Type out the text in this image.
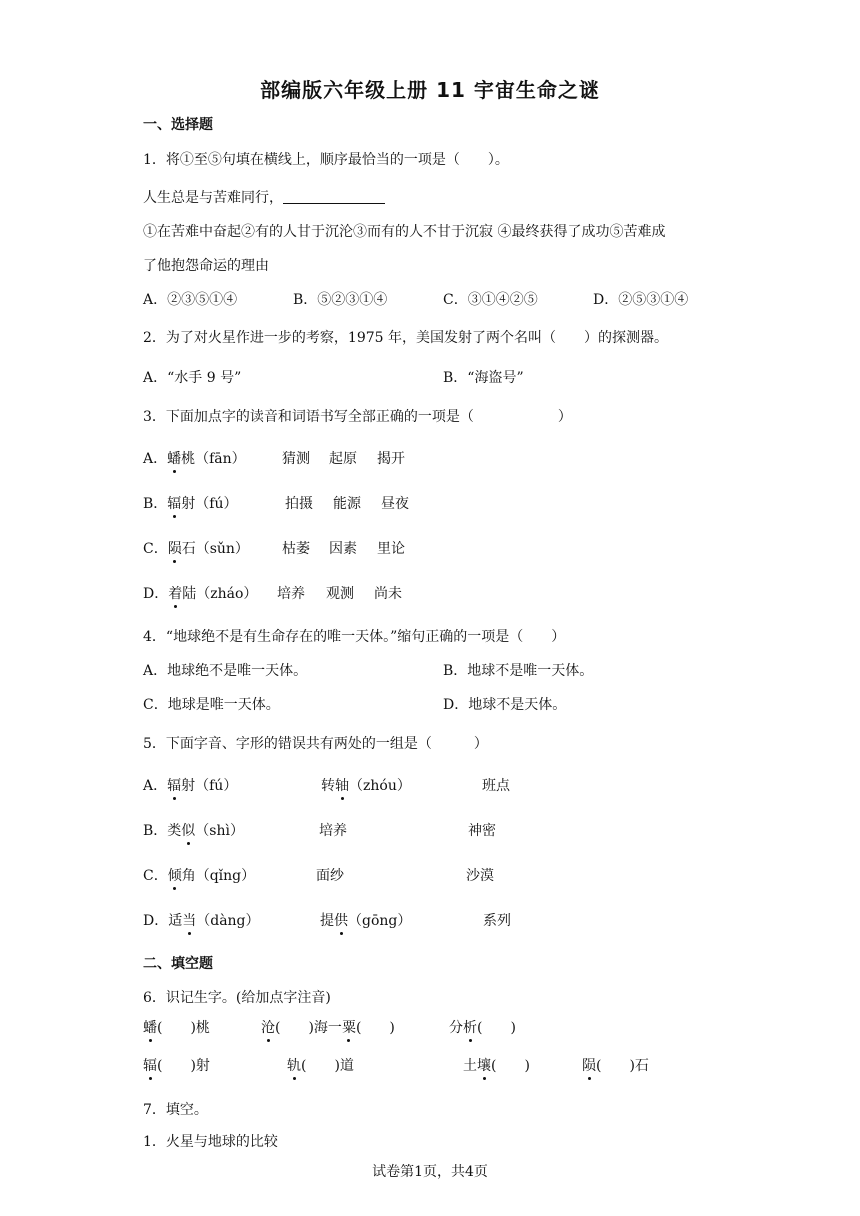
部编版六年级上册 11 宇宙生命之谜
一、选择题
1．将①至⑤句填在横线上，顺序最恰当的一项是（　　）。
人生总是与苦难同行，
①在苦难中奋起②有的人甘于沉沦③而有的人不甘于沉寂 ④最终获得了成功⑤苦难成
了他抱怨命运的理由
A．②③⑤①④	B．⑤②③①④	C．③①④②⑤	D．②⑤③①④
2．为了对火星作进一步的考察，1975 年，美国发射了两个名叫（　　）的探测器。
A．“水手 9 号”	B．“海盗号”
3．下面加点字的读音和词语书写全部正确的一项是（　　　　　　）
A．蟠桃（fān）	猜测 起原 揭开
B．辐射（fú）	拍摄 能源 昼夜
C．陨石（sǔn） 枯萎 因素 里论
D．着陆（zháo） 培养 观测 尚未
4．“地球绝不是有生命存在的唯一天体。”缩句正确的一项是（　　）
A．地球绝不是唯一天体。	B．地球不是唯一天体。
C．地球是唯一天体。	D．地球不是天体。
5．下面字音、字形的错误共有两处的一组是（　　　）
A．辐射（fú）	转轴（zhóu）	班点
B．类似（shì）	培养	神密
C．倾角（qǐng）	面纱	沙漠
D．适当（dàng）	提供（gōng）	系列
二、填空题
6．识记生字。(给加点字注音)
蟠(　　)桃	沧(　　)海一粟(　　)	分析(　　)
辐(　　)射	轨(　　)道	土壤(　　)	陨(　　)石
7．填空。
1．火星与地球的比较
试卷第1页，共4页
